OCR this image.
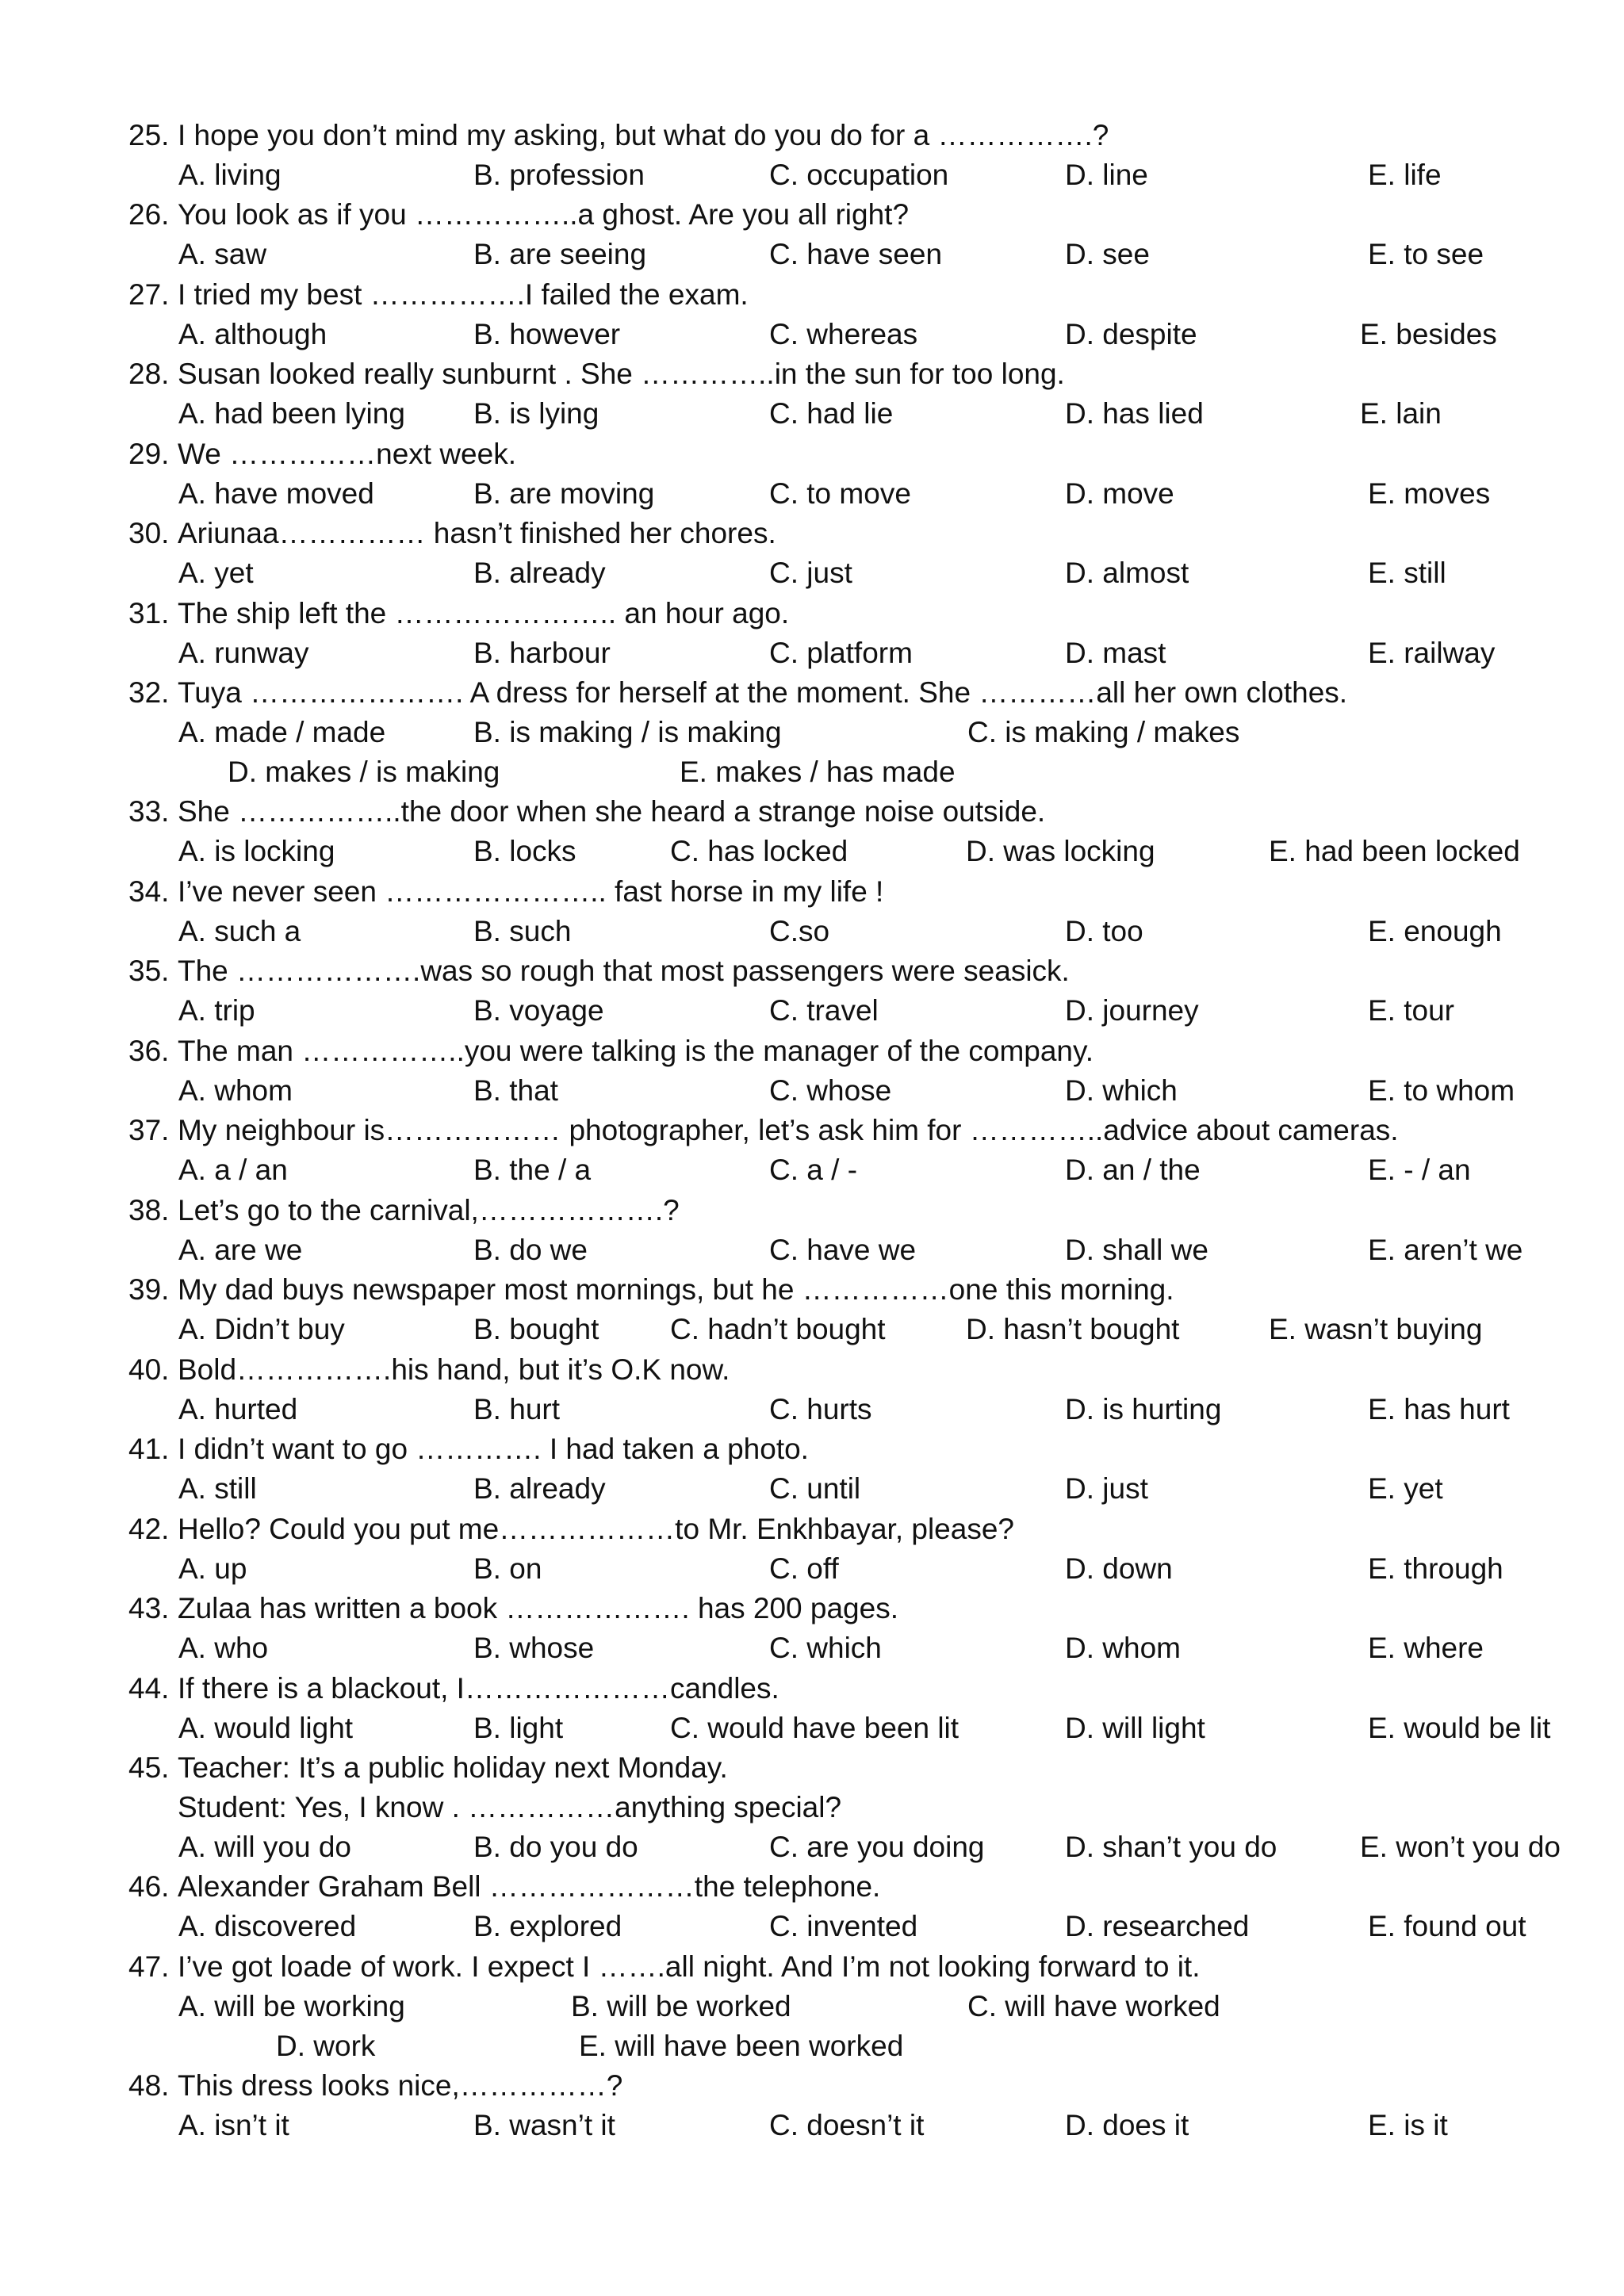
25. I hope you don’t mind my asking, but what do you do for a …………….?
A. living	B. profession	C. occupation	D. line	E. life
26. You look as if you ……………..a ghost. Are you all right?
A. saw	B. are seeing	C. have seen	D. see	E. to see
27. I tried my best …………….I failed the exam.
A. although	B. however	C. whereas	D. despite	E. besides
28. Susan looked really sunburnt . She …………..in the sun for too long.
A. had been lying B. is lying	C. had lie	D. has lied	E. lain
29. We ……………next week.
A. have moved	B. are moving	C. to move	D. move	E. moves
30. Ariunaa…………… hasn’t finished her chores.
A. yet	B. already	C. just	D. almost	E. still
31. The ship left the ………………….. an hour ago.
A. runway	B. harbour	C. platform	D. mast	E. railway
32. Tuya …………………. A dress for herself at the moment. She …………all her own clothes.
A. made / made	B. is making / is making	C. is making / makes
D. makes / is making	E. makes / has made
33. She ……………..the door when she heard a strange noise outside.
A. is locking	B. locks	C. has locked	D. was locking	E. had been locked
34. I’ve never seen ………………….. fast horse in my life !
A. such a	B. such	C.so	D. too	E. enough
35. The ……………….was so rough that most passengers were seasick.
A. trip	B. voyage	C. travel	D. journey	E. tour
36. The man ……………..you were talking is the manager of the company.
A. whom	B. that	C. whose	D. which	E. to whom
37. My neighbour is……………… photographer, let’s ask him for …………..advice about cameras.
A. a / an	B. the / a	C. a / -	D. an / the	E. - / an
38. Let’s go to the carnival,……………….?
A. are we	B. do we	C. have we	D. shall we	E. aren’t we
39. My dad buys newspaper most mornings, but he ……………one this morning.
A. Didn’t buy	B. bought C. hadn’t bought	D. hasn’t bought	E. wasn’t buying
40. Bold…………….his hand, but it’s O.K now.
A. hurted	B. hurt	C. hurts	D. is hurting	E. has hurt
41. I didn’t want to go …………. I had taken a photo.
A. still	B. already	C. until	D. just	E. yet
42. Hello? Could you put me………………to Mr. Enkhbayar, please?
A. up	B. on	C. off	D. down	E. through
43. Zulaa has written a book ………………. has 200 pages.
A. who	B. whose	C. which	D. whom	E. where
44. If there is a blackout, I…………………candles.
A. would light	B. light	C. would have been lit	D. will light	E. would be lit
45. Teacher: It’s a public holiday next Monday.
Student: Yes, I know . ……………anything special?
A. will you do	B. do you do	C. are you doing	D. shan’t you do	E. won’t you do
46. Alexander Graham Bell …………………the telephone.
A. discovered	B. explored	C. invented	D. researched	E. found out
47. I’ve got loade of work. I expect I …….all night. And I’m not looking forward to it.
A. will be working	B. will be worked	C. will have worked
D. work	E. will have been worked
48. This dress looks nice,……………?
A. isn’t it	B. wasn’t it	C. doesn’t it	D. does it	E. is it
